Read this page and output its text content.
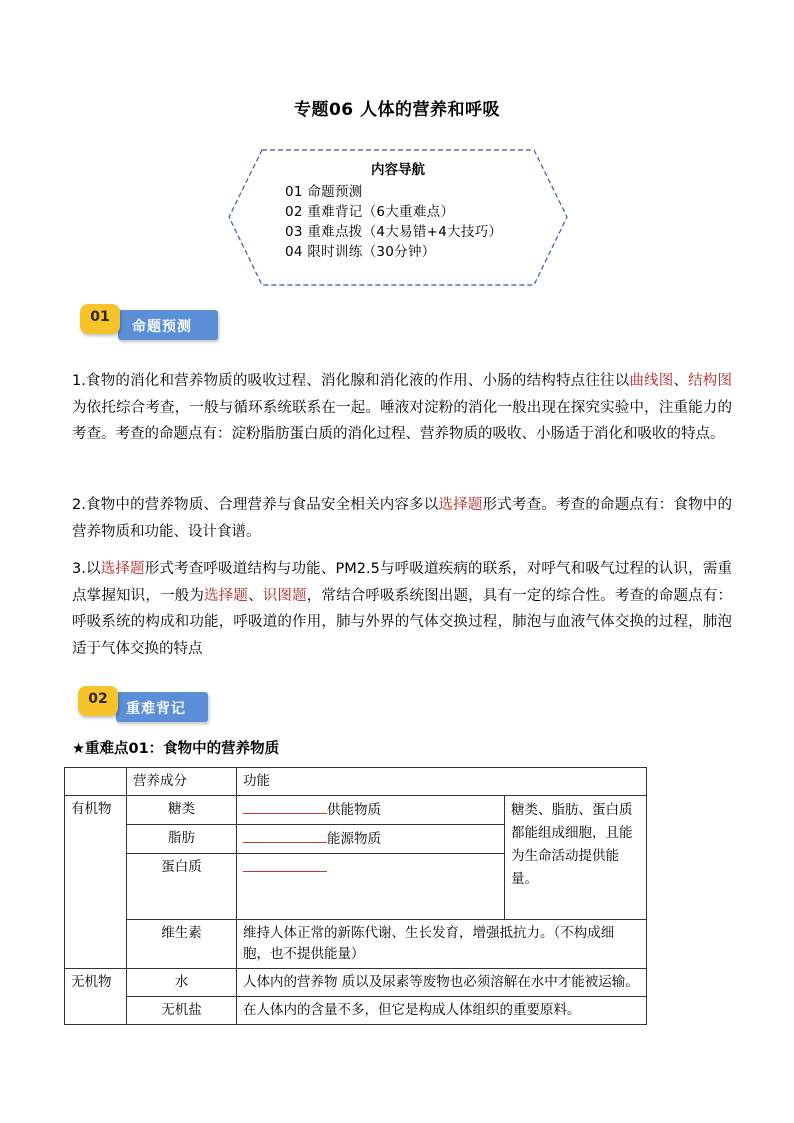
专题06 人体的营养和呼吸
内容导航
01 命题预测
02 重难背记（6大重难点）
03 重难点拨（4大易错+4大技巧）
04 限时训练（30分钟）
01
命题预测
1.食物的消化和营养物质的吸收过程、消化腺和消化液的作用、小肠的结构特点往往以曲线图、结构图为依托综合考查，一般与循环系统联系在一起。唾液对淀粉的消化一般出现在探究实验中，注重能力的考查。考查的命题点有：淀粉脂肪蛋白质的消化过程、营养物质的吸收、小肠适于消化和吸收的特点。
2.食物中的营养物质、合理营养与食品安全相关内容多以选择题形式考查。考查的命题点有：食物中的营养物质和功能、设计食谱。
3.以选择题形式考查呼吸道结构与功能、PM2.5与呼吸道疾病的联系，对呼气和吸气过程的认识，需重点掌握知识，一般为选择题、识图题，常结合呼吸系统图出题，具有一定的综合性。考查的命题点有：呼吸系统的构成和功能，呼吸道的作用，肺与外界的气体交换过程，肺泡与血液气体交换的过程，肺泡适于气体交换的特点
02
重难背记
★重难点01：食物中的营养物质
	营养成分	功能	
有机物	糖类	供能物质	糖类、脂肪、蛋白质都能组成细胞，且能为生命活动提供能量。
	脂肪	能源物质	
	蛋白质		
	维生素	维持人体正常的新陈代谢、生长发育，增强抵抗力。（不构成细胞，也不提供能量）	
无机物	水	人体内的营养物 质以及尿素等废物也必须溶解在水中才能被运输。	
	无机盐	在人体内的含量不多，但它是构成人体组织的重要原料。	
